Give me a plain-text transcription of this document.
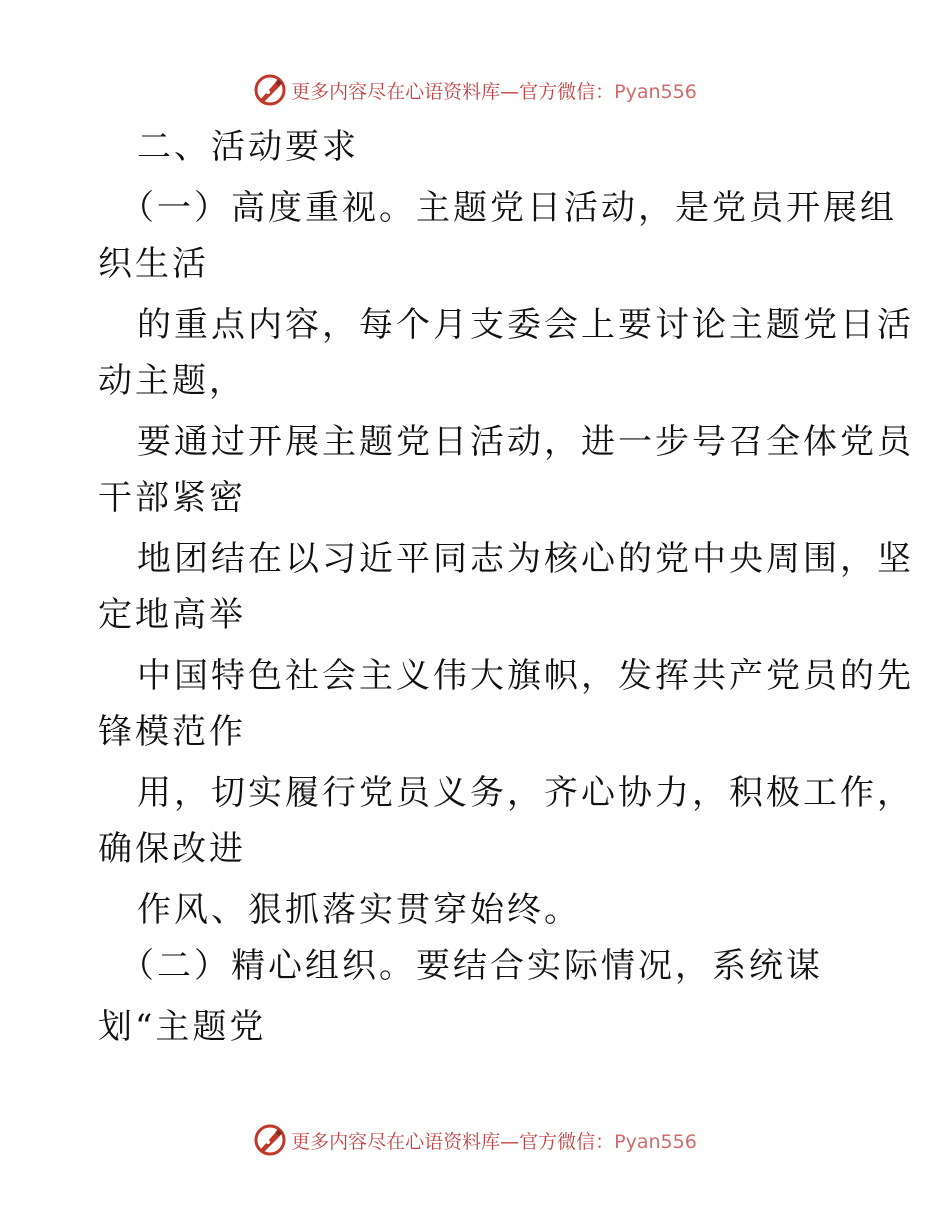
更多内容尽在心语资料库—官方微信：Pyan556
二、活动要求
（一）高度重视。主题党日活动，是党员开展组
织生活
的重点内容，每个月支委会上要讨论主题党日活
动主题，
要通过开展主题党日活动，进一步号召全体党员
干部紧密
地团结在以习近平同志为核心的党中央周围，坚
定地高举
中国特色社会主义伟大旗帜，发挥共产党员的先
锋模范作
用，切实履行党员义务，齐心协力，积极工作，
确保改进
作风、狠抓落实贯穿始终。
（二）精心组织。要结合实际情况，系统谋
划“主题党
更多内容尽在心语资料库—官方微信：Pyan556
